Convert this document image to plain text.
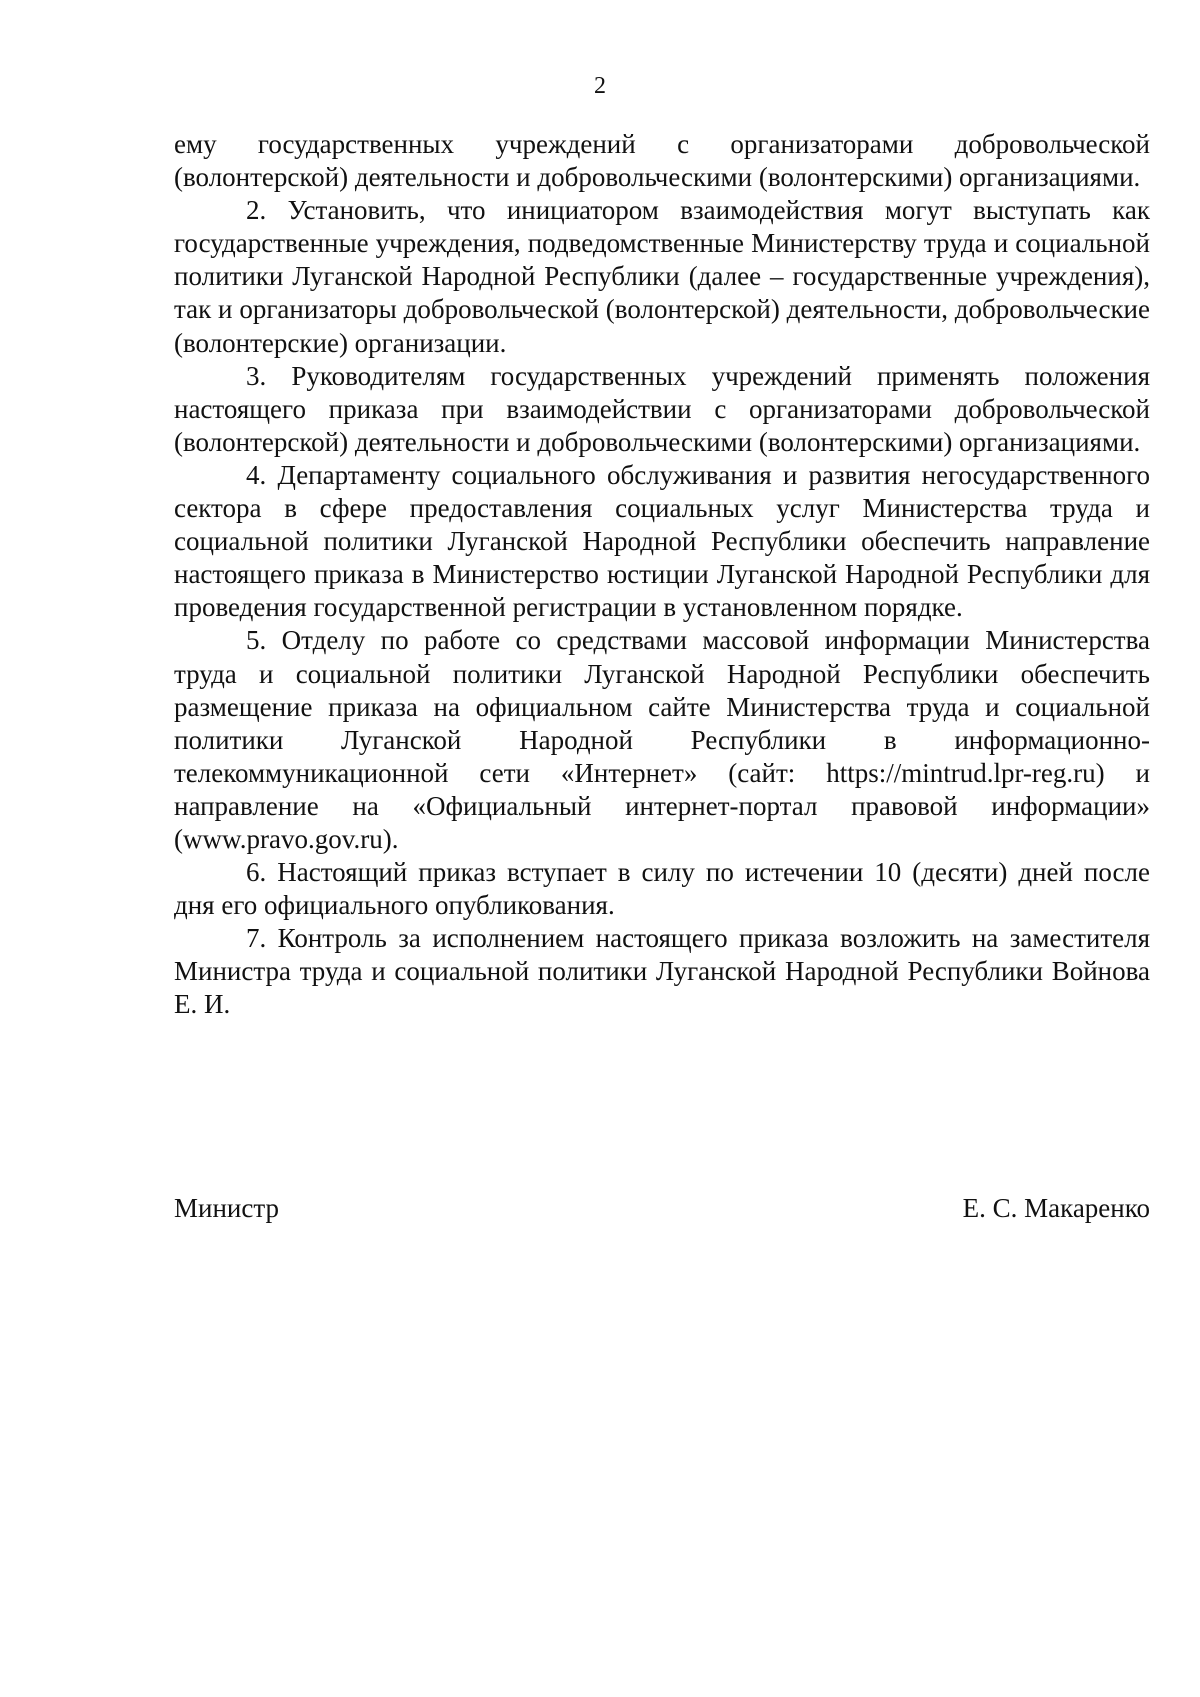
2

ему государственных учреждений с организаторами добровольческой (волонтерской) деятельности и добровольческими (волонтерскими) организациями.

2. Установить, что инициатором взаимодействия могут выступать как государственные учреждения, подведомственные Министерству труда и социальной политики Луганской Народной Республики (далее – государственные учреждения), так и организаторы добровольческой (волонтерской) деятельности, добровольческие (волонтерские) организации.

3. Руководителям государственных учреждений применять положения настоящего приказа при взаимодействии с организаторами добровольческой (волонтерской) деятельности и добровольческими (волонтерскими) организациями.

4. Департаменту социального обслуживания и развития негосударственного сектора в сфере предоставления социальных услуг Министерства труда и социальной политики Луганской Народной Республики обеспечить направление настоящего приказа в Министерство юстиции Луганской Народной Республики для проведения государственной регистрации в установленном порядке.

5. Отделу по работе со средствами массовой информации Министерства труда и социальной политики Луганской Народной Республики обеспечить размещение приказа на официальном сайте Министерства труда и социальной политики Луганской Народной Республики в информационно-телекоммуникационной сети «Интернет» (сайт: https://mintrud.lpr-reg.ru) и направление на «Официальный интернет-портал правовой информации» (www.pravo.gov.ru).

6. Настоящий приказ вступает в силу по истечении 10 (десяти) дней после дня его официального опубликования.

7. Контроль за исполнением настоящего приказа возложить на заместителя Министра труда и социальной политики Луганской Народной Республики Войнова Е. И.

Министр	Е. С. Макаренко
